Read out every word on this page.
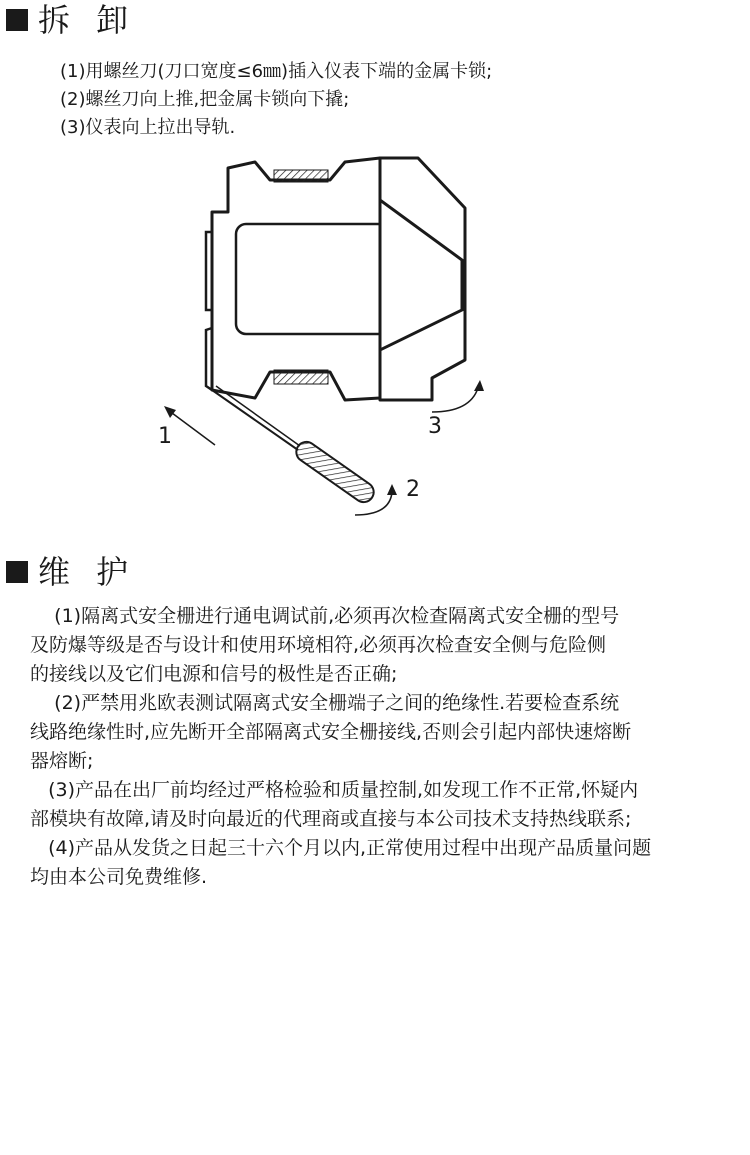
拆 卸
(1)用螺丝刀(刀口宽度≤6㎜)插入仪表下端的金属卡锁;
(2)螺丝刀向上推,把金属卡锁向下撬;
(3)仪表向上拉出导轨.
1
2
3
维 护
(1)隔离式安全栅进行通电调试前,必须再次检查隔离式安全栅的型号
及防爆等级是否与设计和使用环境相符,必须再次检查安全侧与危险侧
的接线以及它们电源和信号的极性是否正确;
(2)严禁用兆欧表测试隔离式安全栅端子之间的绝缘性.若要检查系统
线路绝缘性时,应先断开全部隔离式安全栅接线,否则会引起内部快速熔断
器熔断;
(3)产品在出厂前均经过严格检验和质量控制,如发现工作不正常,怀疑内
部模块有故障,请及时向最近的代理商或直接与本公司技术支持热线联系;
(4)产品从发货之日起三十六个月以内,正常使用过程中出现产品质量问题
均由本公司免费维修.
